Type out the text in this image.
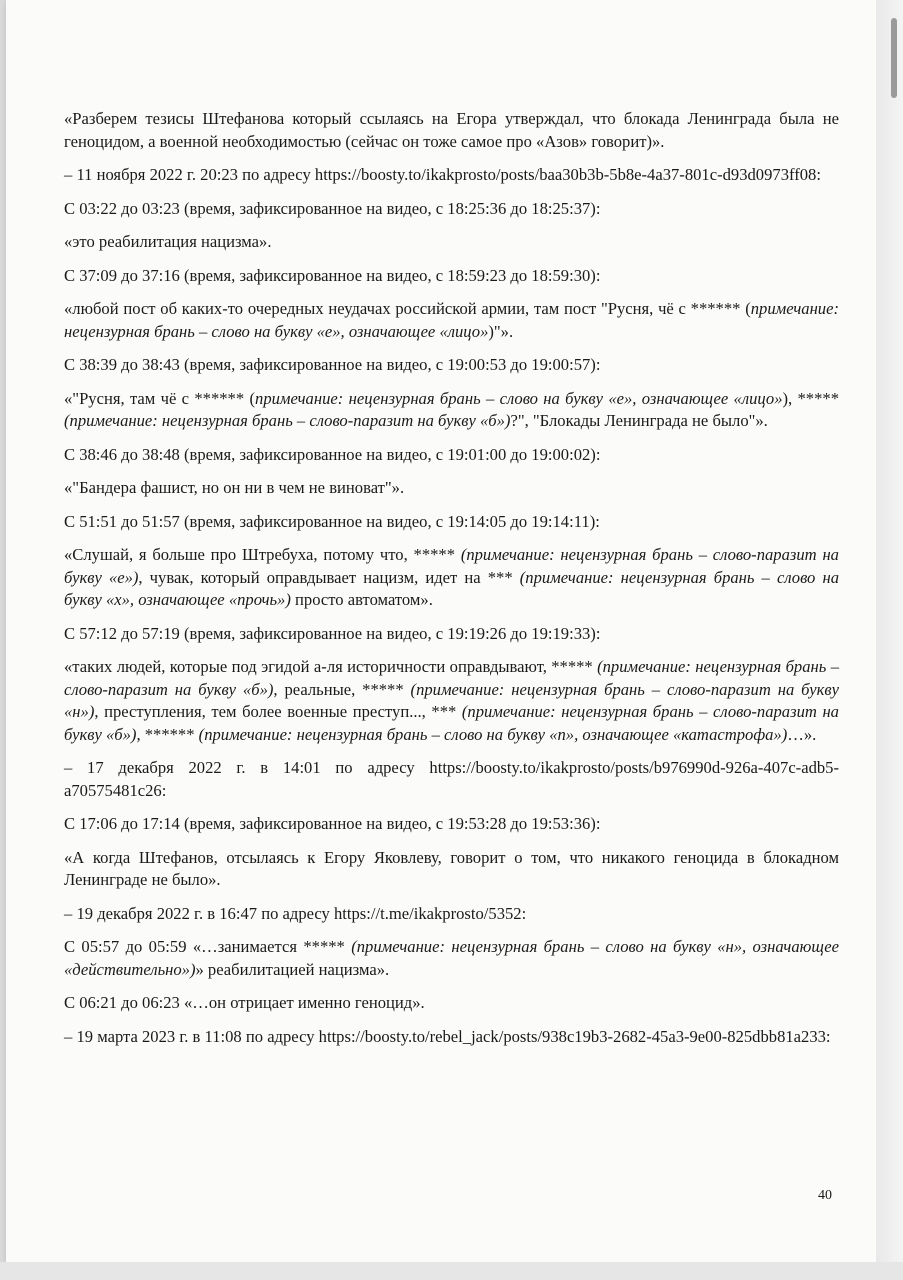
«Разберем тезисы Штефанова который ссылаясь на Егора утверждал, что блокада Ленинграда была не геноцидом, а военной необходимостью (сейчас он тоже самое про «Азов» говорит)».

– 11 ноября 2022 г. 20:23 по адресу https://boosty.to/ikakprosto/posts/baa30b3b-5b8e-4a37-801c-d93d0973ff08:

С 03:22 до 03:23 (время, зафиксированное на видео, с 18:25:36 до 18:25:37):

«это реабилитация нацизма».

С 37:09 до 37:16 (время, зафиксированное на видео, с 18:59:23 до 18:59:30):

«любой пост об каких-то очередных неудачах российской армии, там пост "Русня, чё с ****** (примечание: нецензурная брань – слово на букву «е», означающее «лицо»)"».

С 38:39 до 38:43 (время, зафиксированное на видео, с 19:00:53 до 19:00:57):

«"Русня, там чё с ****** (примечание: нецензурная брань – слово на букву «е», означающее «лицо»), ***** (примечание: нецензурная брань – слово-паразит на букву «б»)?", "Блокады Ленинграда не было"».

С 38:46 до 38:48 (время, зафиксированное на видео, с 19:01:00 до 19:00:02):

«"Бандера фашист, но он ни в чем не виноват"».

С 51:51 до 51:57 (время, зафиксированное на видео, с 19:14:05 до 19:14:11):

«Слушай, я больше про Штребуха, потому что, ***** (примечание: нецензурная брань – слово-паразит на букву «е»), чувак, который оправдывает нацизм, идет на *** (примечание: нецензурная брань – слово на букву «х», означающее «прочь») просто автоматом».

С 57:12 до 57:19 (время, зафиксированное на видео, с 19:19:26 до 19:19:33):

«таких людей, которые под эгидой а-ля историчности оправдывают, ***** (примечание: нецензурная брань – слово-паразит на букву «б»), реальные, ***** (примечание: нецензурная брань – слово-паразит на букву «н»), преступления, тем более военные преступ..., *** (примечание: нецензурная брань – слово-паразит на букву «б»), ****** (примечание: нецензурная брань – слово на букву «п», означающее «катастрофа»)…».

– 17 декабря 2022 г. в 14:01 по адресу https://boosty.to/ikakprosto/posts/b976990d-926a-407c-adb5-a70575481c26:

С 17:06 до 17:14 (время, зафиксированное на видео, с 19:53:28 до 19:53:36):

«А когда Штефанов, отсылаясь к Егору Яковлеву, говорит о том, что никакого геноцида в блокадном Ленинграде не было».

– 19 декабря 2022 г. в 16:47 по адресу https://t.me/ikakprosto/5352:

С 05:57 до 05:59 «…занимается ***** (примечание: нецензурная брань – слово на букву «н», означающее «действительно»)» реабилитацией нацизма».

С 06:21 до 06:23 «…он отрицает именно геноцид».

– 19 марта 2023 г. в 11:08 по адресу https://boosty.to/rebel_jack/posts/938c19b3-2682-45a3-9e00-825dbb81a233:

40
